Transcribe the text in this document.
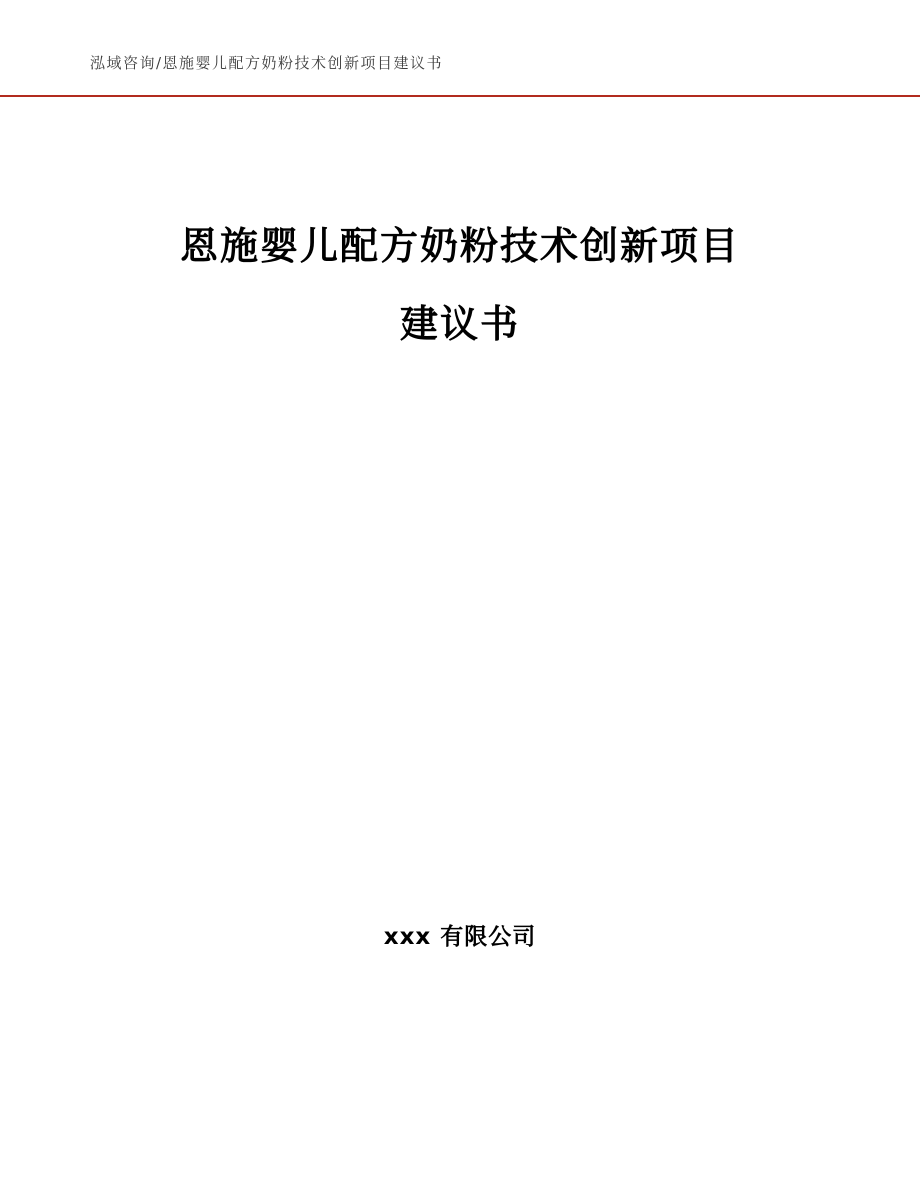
泓域咨询/恩施婴儿配方奶粉技术创新项目建议书
恩施婴儿配方奶粉技术创新项目
建议书
xxx 有限公司
